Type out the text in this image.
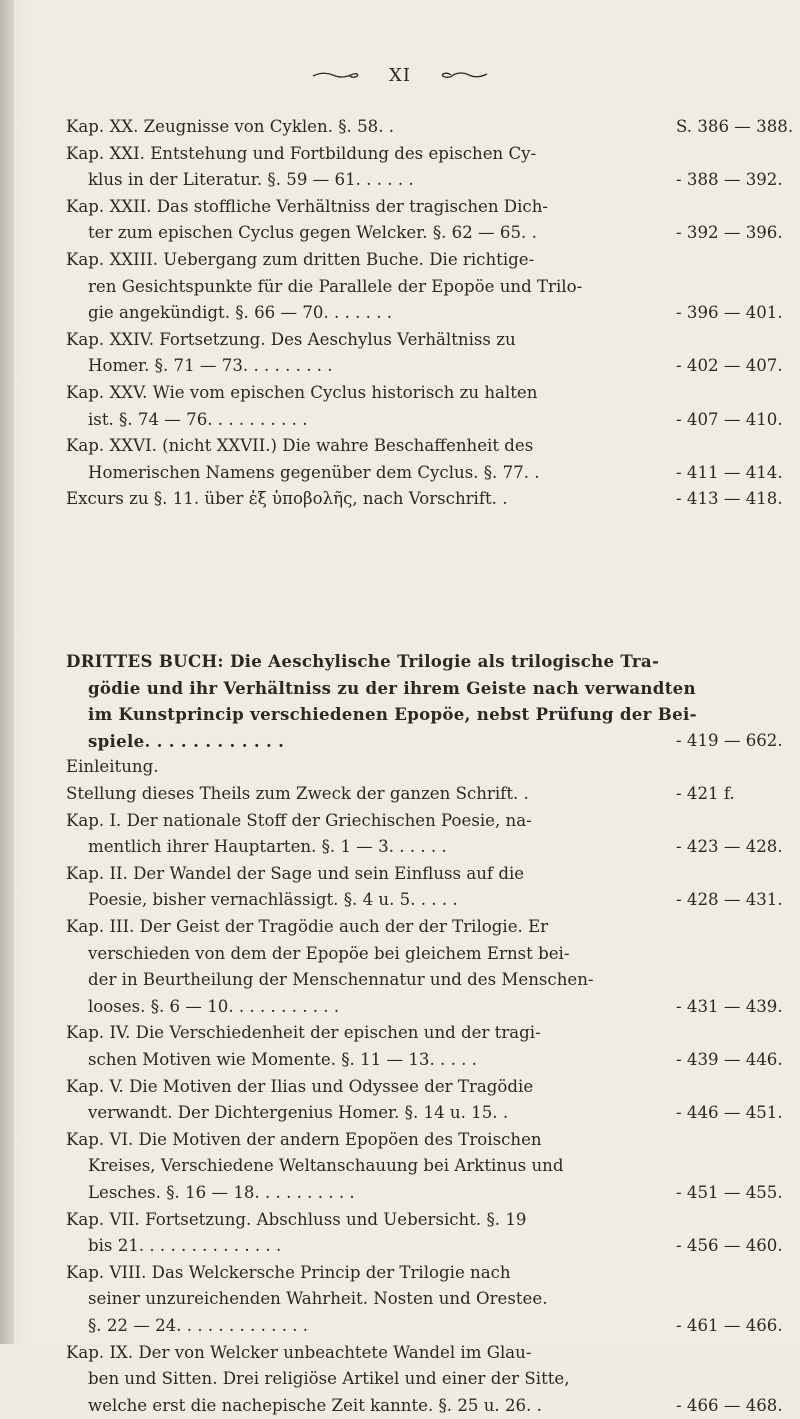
XI
Kap. XX. Zeugnisse von Cyklen. §. 58. .	S. 386 — 388.
Kap. XXI. Entstehung und Fortbildung des epischen Cy-
klus in der Literatur. §. 59 — 61. . . . . .	- 388 — 392.
Kap. XXII. Das stoffliche Verhältniss der tragischen Dich-
ter zum epischen Cyclus gegen Welcker. §. 62 — 65. .	- 392 — 396.
Kap. XXIII. Uebergang zum dritten Buche. Die richtige-
ren Gesichtspunkte für die Parallele der Epopöe und Trilo-
gie angekündigt. §. 66 — 70. . . . . . .	- 396 — 401.
Kap. XXIV. Fortsetzung. Des Aeschylus Verhältniss zu
Homer. §. 71 — 73. . . . . . . . .	- 402 — 407.
Kap. XXV. Wie vom epischen Cyclus historisch zu halten
ist. §. 74 — 76. . . . . . . . . .	- 407 — 410.
Kap. XXVI. (nicht XXVII.) Die wahre Beschaffenheit des
Homerischen Namens gegenüber dem Cyclus. §. 77. .	- 411 — 414.
Excurs zu §. 11. über ἐξ ὑποβολῆς, nach Vorschrift. .	- 413 — 418.
DRITTES BUCH: Die Aeschylische Trilogie als trilogische Tra-
gödie und ihr Verhältniss zu der ihrem Geiste nach verwandten
im Kunstprincip verschiedenen Epopöe, nebst Prüfung der Bei-
spiele. . . . . . . . . . . .	- 419 — 662.
Einleitung.
Stellung dieses Theils zum Zweck der ganzen Schrift. .	- 421 f.
Kap. I. Der nationale Stoff der Griechischen Poesie, na-
mentlich ihrer Hauptarten. §. 1 — 3. . . . . .	- 423 — 428.
Kap. II. Der Wandel der Sage und sein Einfluss auf die
Poesie, bisher vernachlässigt. §. 4 u. 5. . . . .	- 428 — 431.
Kap. III. Der Geist der Tragödie auch der der Trilogie. Er
verschieden von dem der Epopöe bei gleichem Ernst bei-
der in Beurtheilung der Menschennatur und des Menschen-
looses. §. 6 — 10. . . . . . . . . . .	- 431 — 439.
Kap. IV. Die Verschiedenheit der epischen und der tragi-
schen Motiven wie Momente. §. 11 — 13. . . . .	- 439 — 446.
Kap. V. Die Motiven der Ilias und Odyssee der Tragödie
verwandt. Der Dichtergenius Homer. §. 14 u. 15. .	- 446 — 451.
Kap. VI. Die Motiven der andern Epopöen des Troischen
Kreises, Verschiedene Weltanschauung bei Arktinus und
Lesches. §. 16 — 18. . . . . . . . . .	- 451 — 455.
Kap. VII. Fortsetzung. Abschluss und Uebersicht. §. 19
bis 21. . . . . . . . . . . . . .	- 456 — 460.
Kap. VIII. Das Welckersche Princip der Trilogie nach
seiner unzureichenden Wahrheit. Nosten und Orestee.
§. 22 — 24. . . . . . . . . . . . .	- 461 — 466.
Kap. IX. Der von Welcker unbeachtete Wandel im Glau-
ben und Sitten. Drei religiöse Artikel und einer der Sitte,
welche erst die nachepische Zeit kannte. §. 25 u. 26. .	- 466 — 468.
